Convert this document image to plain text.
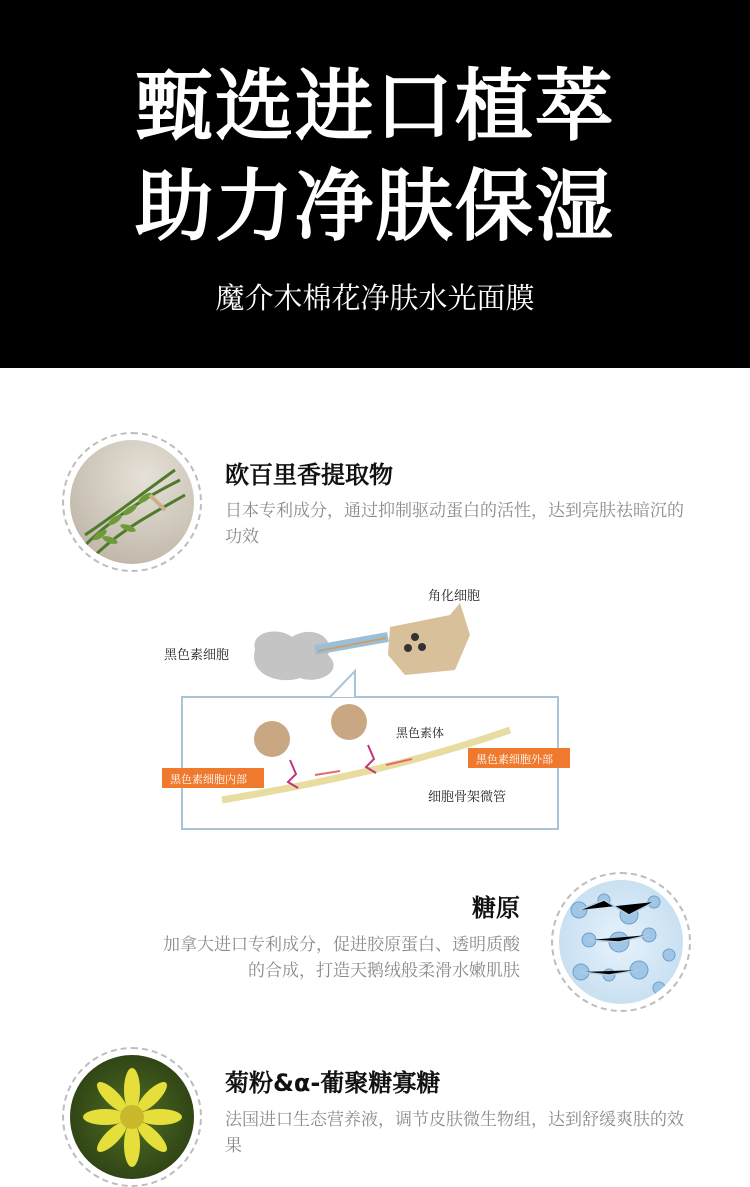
甄选进口植萃
助力净肤保湿
魔介木棉花净肤水光面膜
欧百里香提取物
日本专利成分，通过抑制驱动蛋白的活性，达到亮肤祛暗沉的功效
角化细胞
黑色素细胞
黑色素体
黑色素细胞内部
黑色素细胞外部
细胞骨架微管
糖原
加拿大进口专利成分，促进胶原蛋白、透明质酸
的合成，打造天鹅绒般柔滑水嫩肌肤
菊粉&α-葡聚糖寡糖
法国进口生态营养液，调节皮肤微生物组，达到舒缓爽肤的效果
